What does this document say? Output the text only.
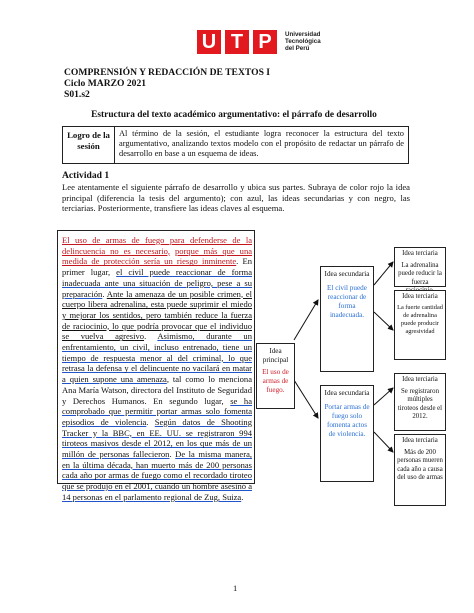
U T P	Universidad
Tecnológica
del Perú
COMPRENSIÓN Y REDACCIÓN DE TEXTOS I
Ciclo MARZO 2021
S01.s2
Estructura del texto académico argumentativo: el párrafo de desarrollo
Logro de la sesión
Al término de la sesión, el estudiante logra reconocer la estructura del texto argumentativo, analizando textos modelo con el propósito de redactar un párrafo de desarrollo en base a un esquema de ideas.
Actividad 1
Lee atentamente el siguiente párrafo de desarrollo y ubica sus partes. Subraya de color rojo la idea principal (diferencia la tesis del argumento); con azul, las ideas secundarias y con negro, las terciarias. Posteriormente, transfiere las ideas claves al esquema.
El uso de armas de fuego para defenderse de la delincuencia no es necesario, porque más que una medida de protección sería un riesgo inminente. En primer lugar, el civil puede reaccionar de forma inadecuada ante una situación de peligro, pese a su preparación. Ante la amenaza de un posible crimen, el cuerpo libera adrenalina, esta puede suprimir el miedo y mejorar los sentidos, pero también reduce la fuerza de raciocinio, lo que podría provocar que el individuo se vuelva agresivo. Asimismo, durante un enfrentamiento, un civil, incluso entrenado, tiene un tiempo de respuesta menor al del criminal, lo que retrasa la defensa y el delincuente no vacilará en matar a quien supone una amenaza, tal como lo menciona Ana María Watson, directora del Instituto de Seguridad y Derechos Humanos. En segundo lugar, se ha comprobado que permitir portar armas solo fomenta episodios de violencia. Según datos de Shooting Tracker y la BBC, en EE. UU. se registraron 994 tiroteos masivos desde el 2012, en los que más de un millón de personas fallecieron. De la misma manera, en la última década, han muerto más de 200 personas cada año por armas de fuego como el recordado tiroteo que se produjo en el 2001, cuando un hombre asesinó a 14 personas en el parlamento regional de Zug, Suiza.
Idea principal
El uso de armas de fuego.
Idea secundaria
El civil puede reaccionar de forma inadecuada.
Idea secundaria
Portar armas de fuego solo fomenta actos de violencia.
Idea terciaria
La adrenalina puede reducir la fuerza
Idea terciaria
La fuerte cantidad de adrenalina puede producir agresividad
Idea terciaria
Se registraron múltiples tiroteos desde el 2012.
Idea terciaria
Más de 200 personas mueren cada año a causa del uso de armas
1
